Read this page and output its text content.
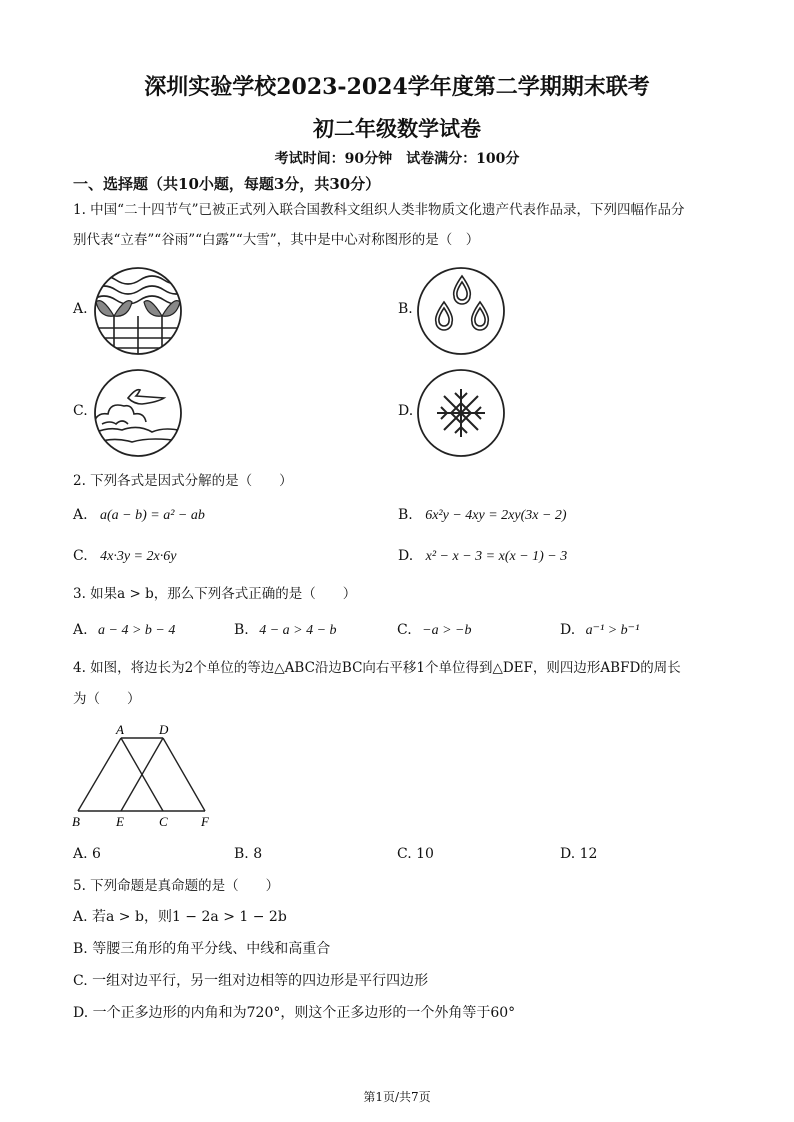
深圳实验学校2023-2024学年度第二学期期末联考
初二年级数学试卷
考试时间：90分钟　试卷满分：100分
一、选择题（共10小题，每题3分，共30分）
1. 中国“二十四节气”已被正式列入联合国教科文组织人类非物质文化遗产代表作品录，下列四幅作品分
别代表“立春”“谷雨”“白露”“大雪”，其中是中心对称图形的是（　）
A.	B.
C.	D.
2. 下列各式是因式分解的是（　　）
A. a(a − b) = a² − ab	B. 6x²y − 4xy = 2xy(3x − 2)
C. 4x·3y = 2x·6y	D. x² − x − 3 = x(x − 1) − 3
3. 如果a > b，那么下列各式正确的是（　　）
A. a − 4 > b − 4	B. 4 − a > 4 − b	C. −a > −b	D. a⁻¹ > b⁻¹
4. 如图，将边长为2个单位的等边△ABC沿边BC向右平移1个单位得到△DEF，则四边形ABFD的周长
为（　　）
A	D
B	E	C	F
A. 6	B. 8	C. 10	D. 12
5. 下列命题是真命题的是（　　）
A. 若a > b，则1 − 2a > 1 − 2b
B. 等腰三角形的角平分线、中线和高重合
C. 一组对边平行，另一组对边相等的四边形是平行四边形
D. 一个正多边形的内角和为720°，则这个正多边形的一个外角等于60°
第1页/共7页
